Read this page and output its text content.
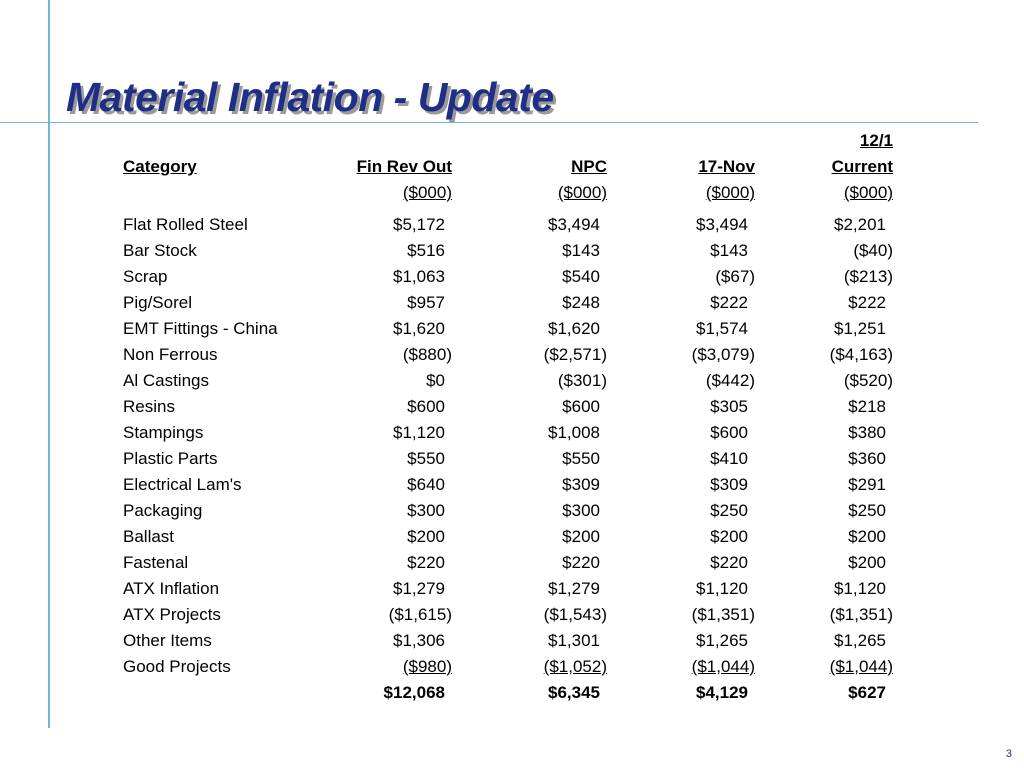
Material Inflation - Update
				12/1
Category	Fin Rev Out	NPC	17-Nov	Current
	($000)	($000)	($000)	($000)

Flat Rolled Steel	$5,172	$3,494	$3,494	$2,201
Bar Stock	$516	$143	$143	($40)
Scrap	$1,063	$540	($67)	($213)
Pig/Sorel	$957	$248	$222	$222
EMT Fittings - China	$1,620	$1,620	$1,574	$1,251
Non Ferrous	($880)	($2,571)	($3,079)	($4,163)
Al Castings	$0	($301)	($442)	($520)
Resins	$600	$600	$305	$218
Stampings	$1,120	$1,008	$600	$380
Plastic Parts	$550	$550	$410	$360
Electrical Lam's	$640	$309	$309	$291
Packaging	$300	$300	$250	$250
Ballast	$200	$200	$200	$200
Fastenal	$220	$220	$220	$200
ATX Inflation	$1,279	$1,279	$1,120	$1,120
ATX Projects	($1,615)	($1,543)	($1,351)	($1,351)
Other Items	$1,306	$1,301	$1,265	$1,265
Good Projects	($980)	($1,052)	($1,044)	($1,044)
	$12,068	$6,345	$4,129	$627
3
